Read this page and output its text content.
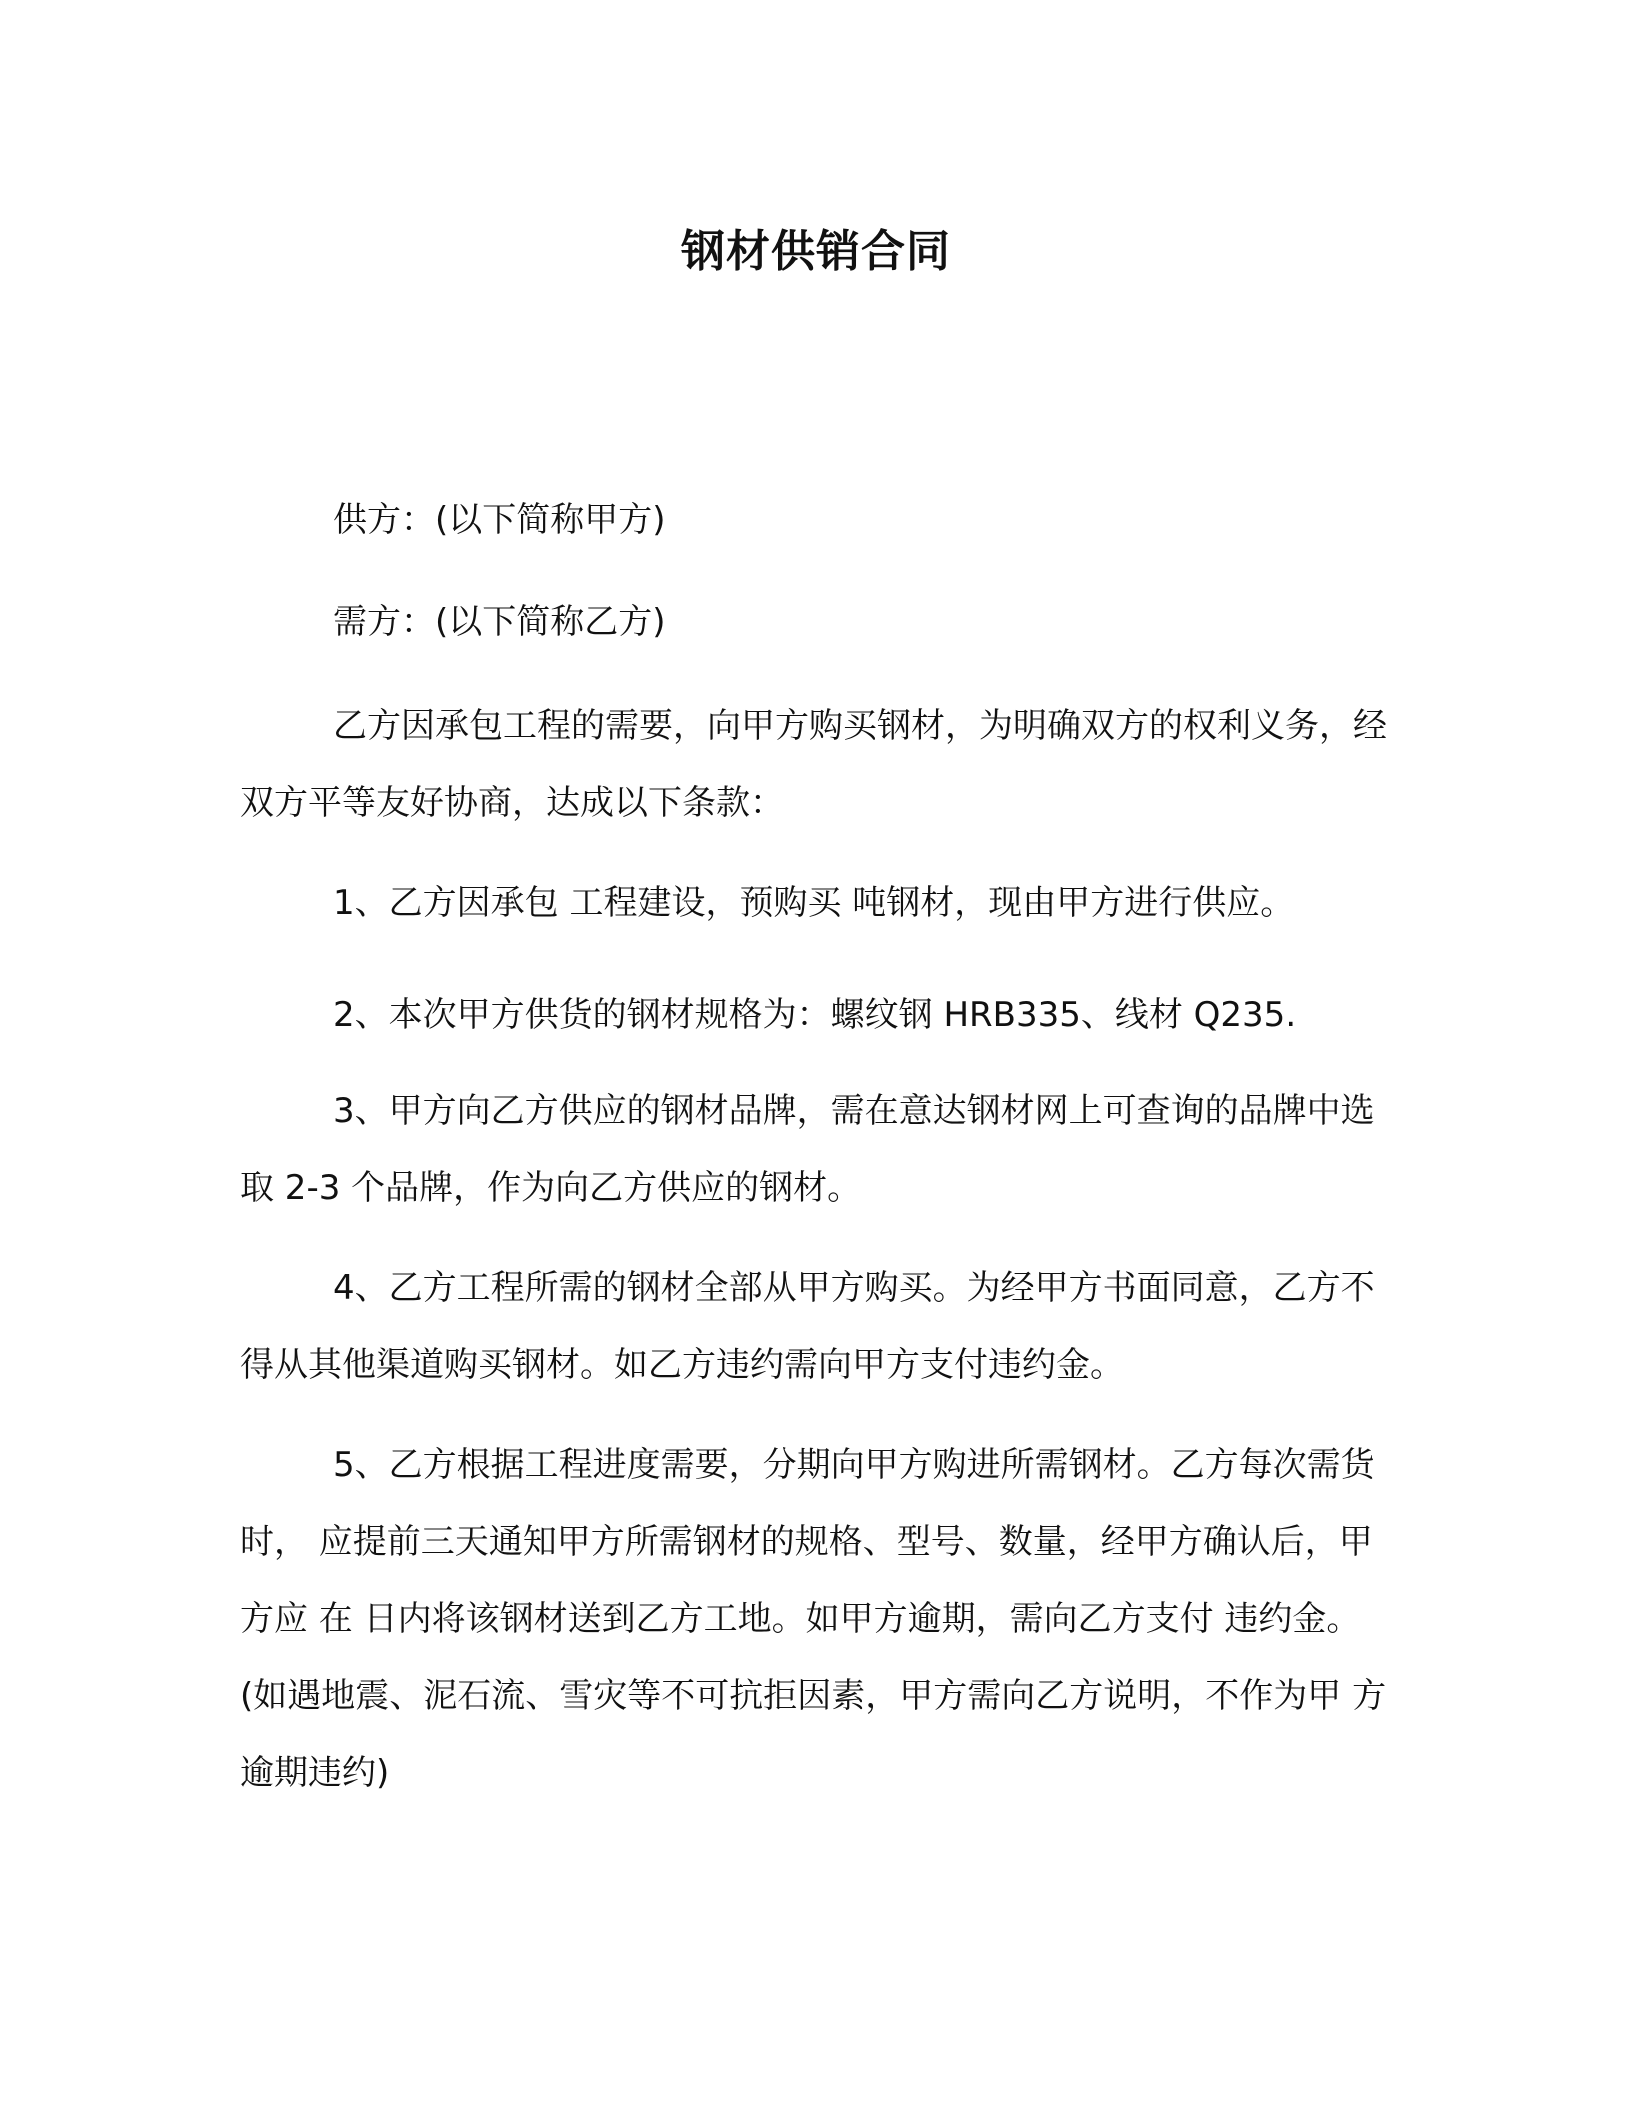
钢材供销合同
供方：(以下简称甲方)
需方：(以下简称乙方)
乙方因承包工程的需要，向甲方购买钢材，为明确双方的权利义务，经双方平等友好协商，达成以下条款：
1、乙方因承包 工程建设，预购买 吨钢材，现由甲方进行供应。
2、本次甲方供货的钢材规格为：螺纹钢 HRB335、线材 Q235.
3、甲方向乙方供应的钢材品牌，需在意达钢材网上可查询的品牌中选取 2-3 个品牌，作为向乙方供应的钢材。
4、乙方工程所需的钢材全部从甲方购买。为经甲方书面同意，乙方不得从其他渠道购买钢材。如乙方违约需向甲方支付违约金。
5、乙方根据工程进度需要，分期向甲方购进所需钢材。乙方每次需货时， 应提前三天通知甲方所需钢材的规格、型号、数量，经甲方确认后，甲方应 在 日内将该钢材送到乙方工地。如甲方逾期，需向乙方支付 违约金。 (如遇地震、泥石流、雪灾等不可抗拒因素，甲方需向乙方说明，不作为甲 方逾期违约)
